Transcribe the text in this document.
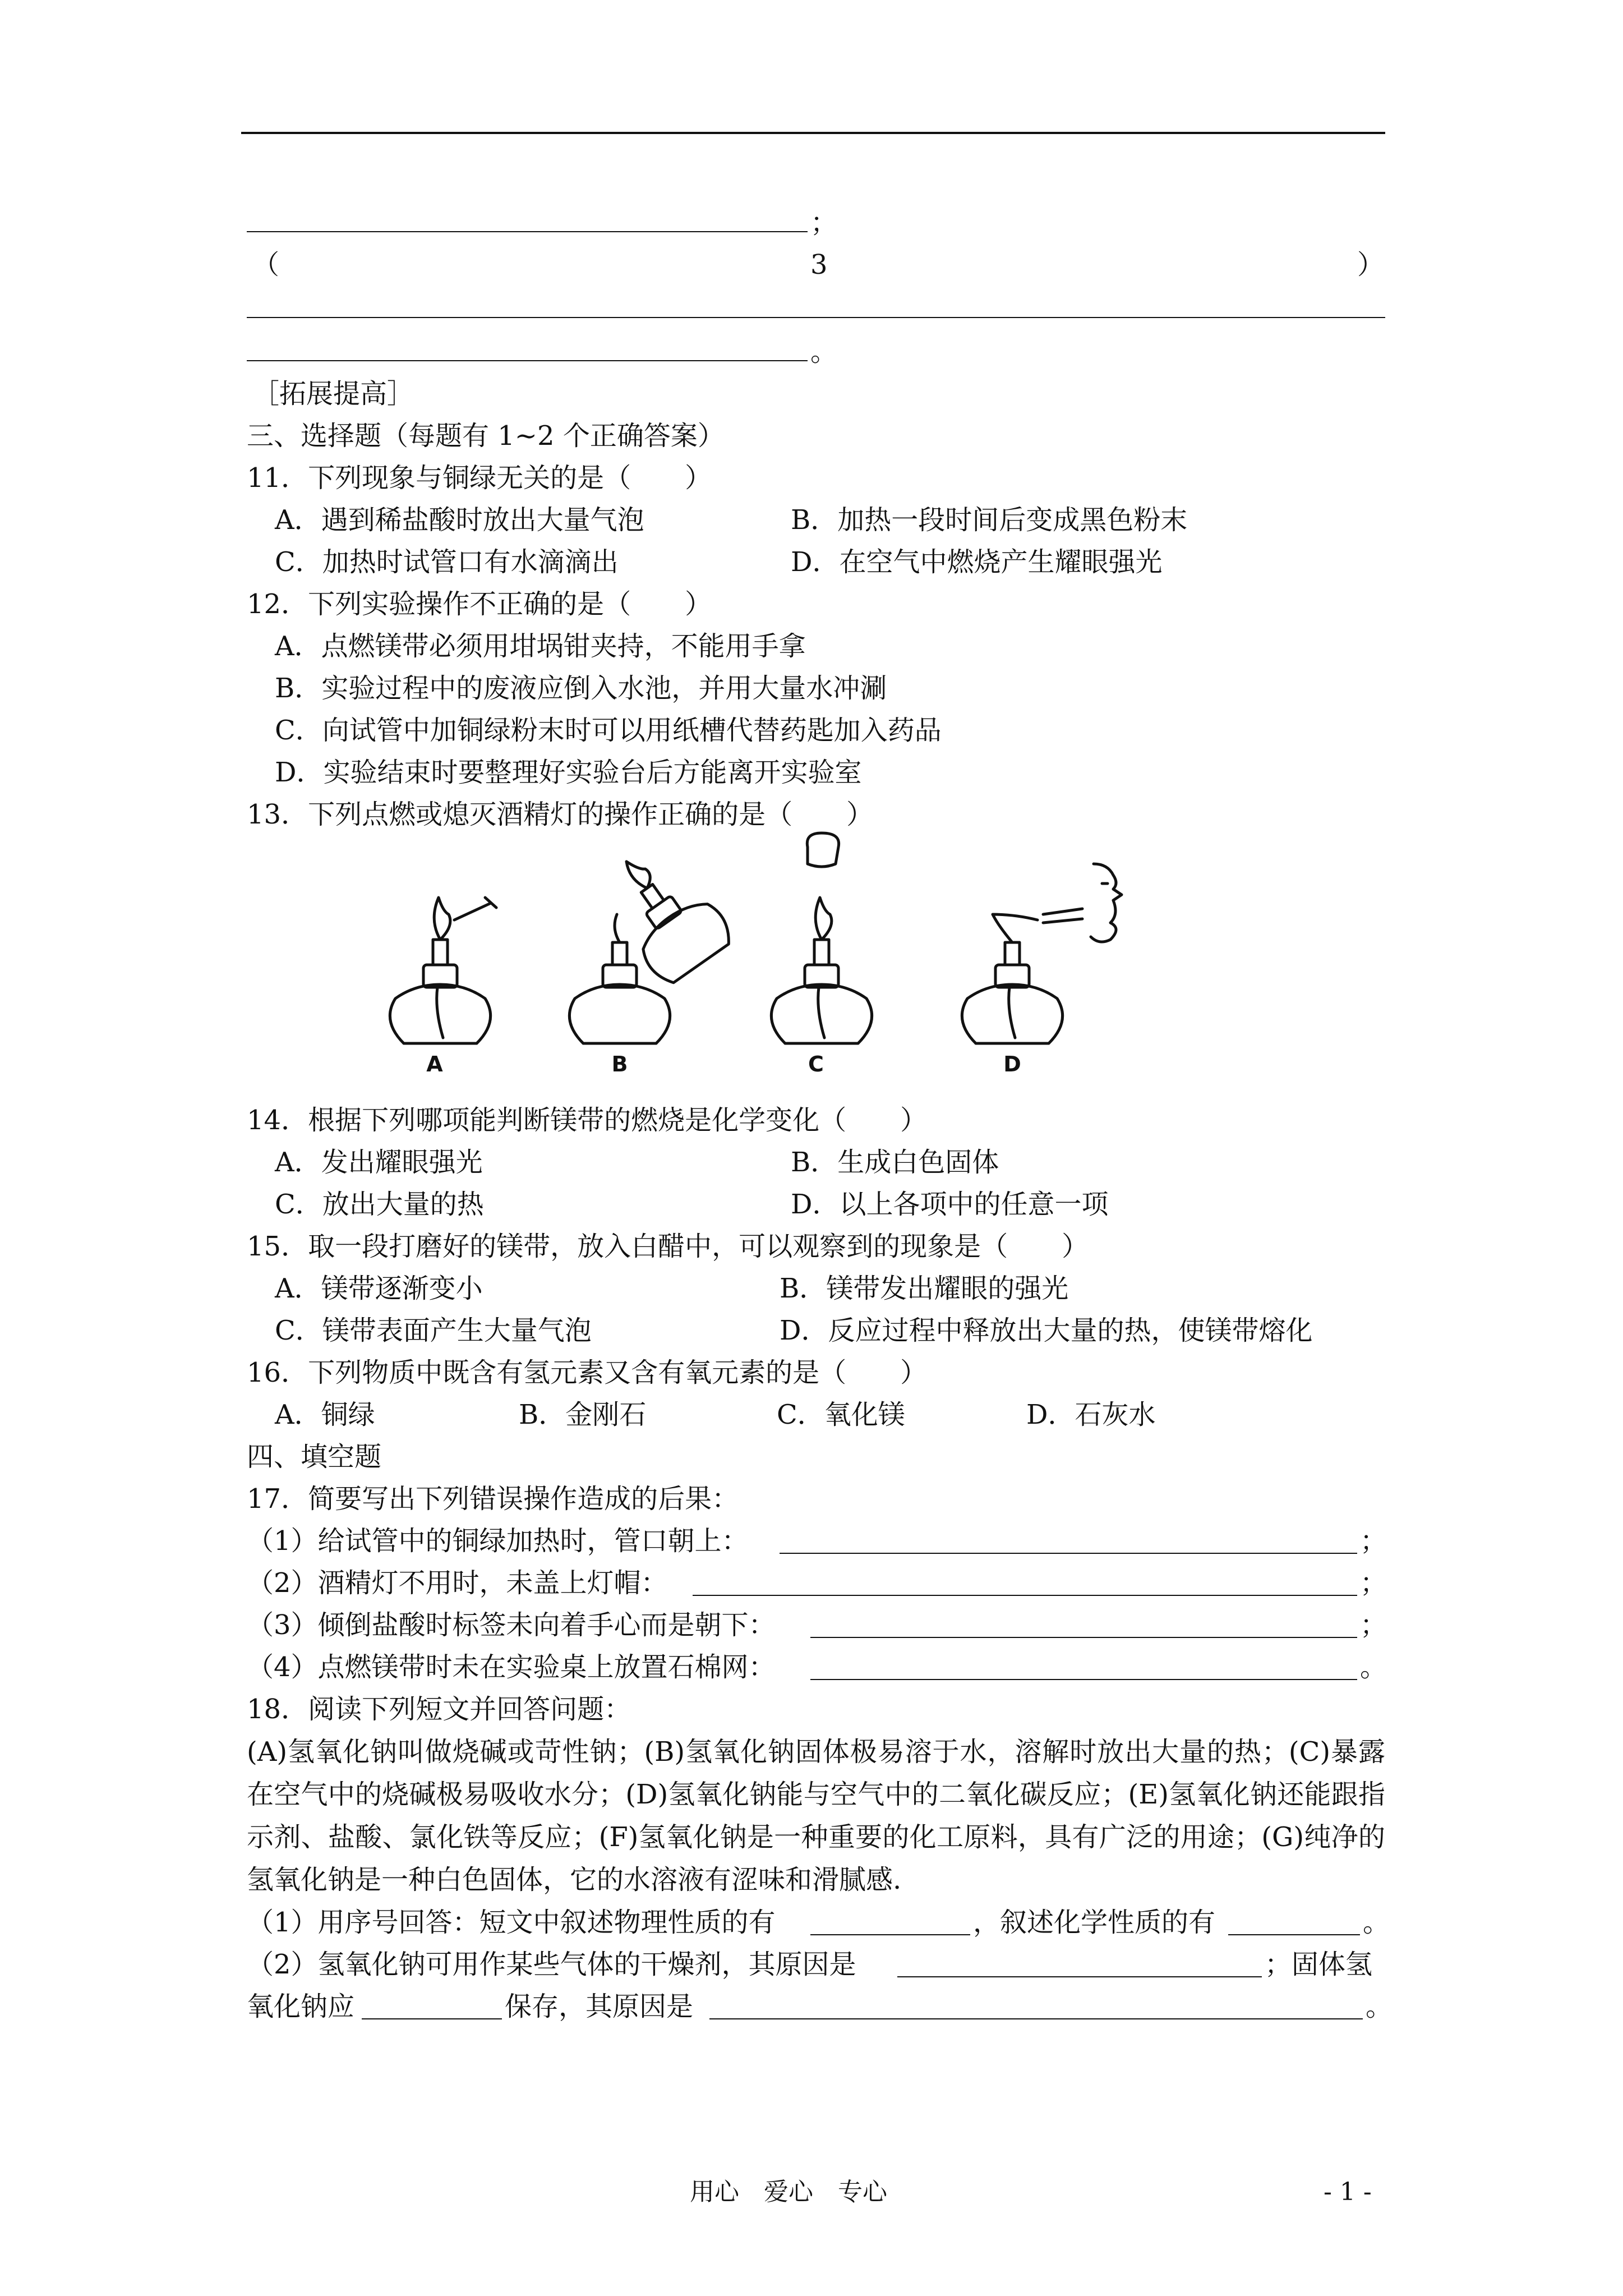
；
（	3	）
。
［拓展提高］
三、选择题（每题有 1~2 个正确答案）
11．下列现象与铜绿无关的是（　　）
A．遇到稀盐酸时放出大量气泡	B．加热一段时间后变成黑色粉末
C．加热时试管口有水滴滴出	D．在空气中燃烧产生耀眼强光
12．下列实验操作不正确的是（　　）
A．点燃镁带必须用坩埚钳夹持，不能用手拿
B．实验过程中的废液应倒入水池，并用大量水冲涮
C．向试管中加铜绿粉末时可以用纸槽代替药匙加入药品
D．实验结束时要整理好实验台后方能离开实验室
13．下列点燃或熄灭酒精灯的操作正确的是（　　）
A	B	C	D
14．根据下列哪项能判断镁带的燃烧是化学变化（　　）
A．发出耀眼强光	B．生成白色固体
C．放出大量的热	D．以上各项中的任意一项
15．取一段打磨好的镁带，放入白醋中，可以观察到的现象是（　　）
A．镁带逐渐变小	B．镁带发出耀眼的强光
C．镁带表面产生大量气泡	D．反应过程中释放出大量的热，使镁带熔化
16．下列物质中既含有氢元素又含有氧元素的是（　　）
A．铜绿	B．金刚石	C．氧化镁	D．石灰水
四、填空题
17．简要写出下列错误操作造成的后果：
（1）给试管中的铜绿加热时，管口朝上：	；
（2）酒精灯不用时，未盖上灯帽：	；
（3）倾倒盐酸时标签未向着手心而是朝下：	；
（4）点燃镁带时未在实验桌上放置石棉网：	。
18．阅读下列短文并回答问题：
(A)氢氧化钠叫做烧碱或苛性钠；(B)氢氧化钠固体极易溶于水，溶解时放出大量的热；(C)暴露在空气中的烧碱极易吸收水分；(D)氢氧化钠能与空气中的二氧化碳反应；(E)氢氧化钠还能跟指示剂、盐酸、氯化铁等反应；(F)氢氧化钠是一种重要的化工原料，具有广泛的用途；(G)纯净的氢氧化钠是一种白色固体，它的水溶液有涩味和滑腻感.
（1）用序号回答：短文中叙述物理性质的有	，叙述化学性质的有	。
（2）氢氧化钠可用作某些气体的干燥剂，其原因是	；固体氢
氧化钠应	保存，其原因是	。
用心　爱心　专心	- 1 -
